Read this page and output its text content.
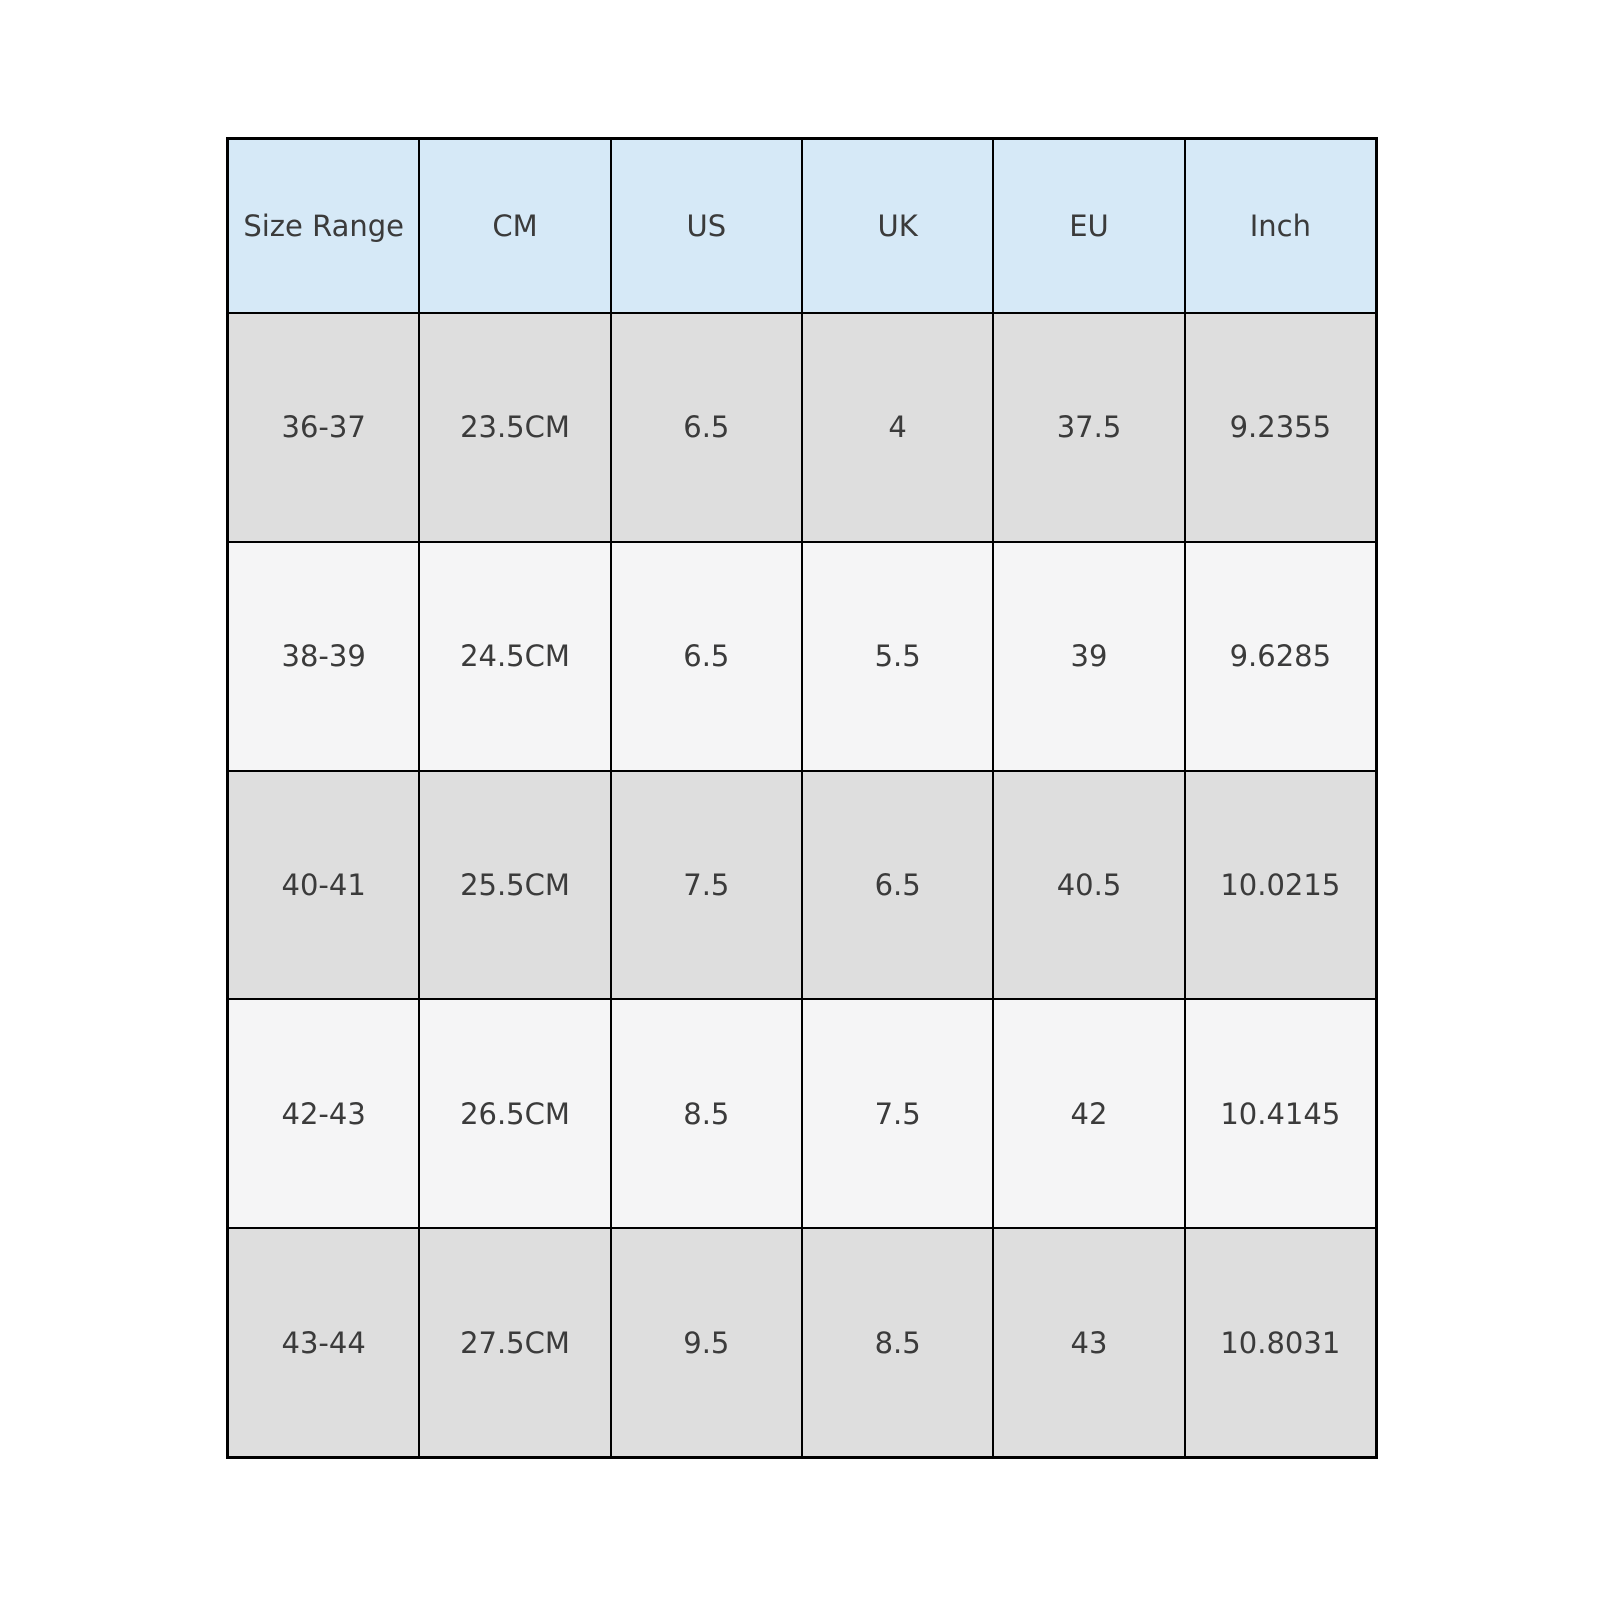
Size Range	CM	US	UK	EU	Inch
36-37	23.5CM	6.5	4	37.5	9.2355
38-39	24.5CM	6.5	5.5	39	9.6285
40-41	25.5CM	7.5	6.5	40.5	10.0215
42-43	26.5CM	8.5	7.5	42	10.4145
43-44	27.5CM	9.5	8.5	43	10.8031
